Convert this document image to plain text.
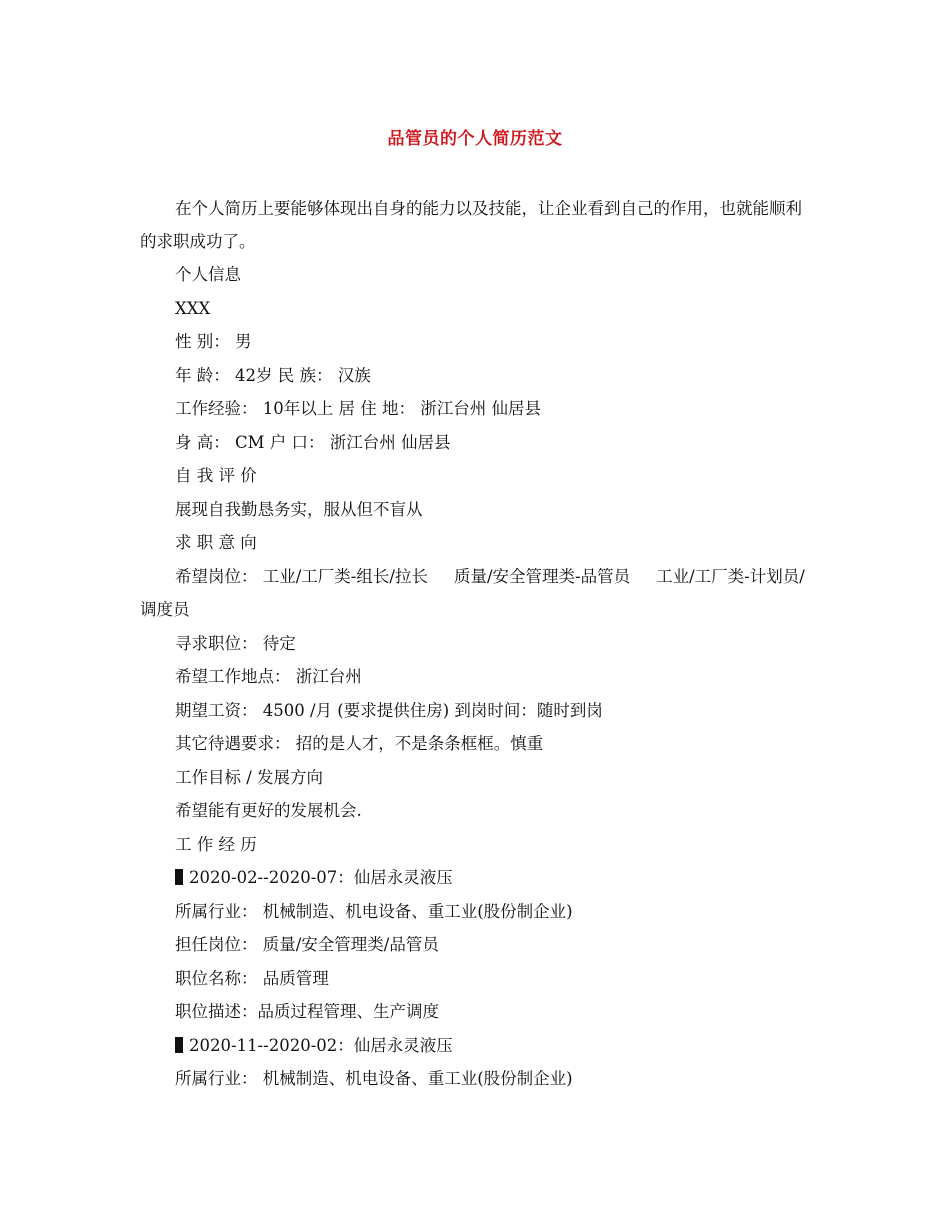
品管员的个人简历范文
在个人简历上要能够体现出自身的能力以及技能，让企业看到自己的作用，也就能顺利的求职成功了。
个人信息
XXX
性 别： 男
年 龄： 42岁 民 族： 汉族
工作经验： 10年以上 居 住 地： 浙江台州 仙居县
身 高： CM 户 口： 浙江台州 仙居县
自 我 评 价
展现自我勤恳务实，服从但不盲从
求 职 意 向
希望岗位： 工业/工厂类-组长/拉长 质量/安全管理类-品管员 工业/工厂类-计划员/调度员
寻求职位： 待定
希望工作地点： 浙江台州
期望工资： 4500 /月 (要求提供住房) 到岗时间：随时到岗
其它待遇要求： 招的是人才，不是条条框框。慎重
工作目标 / 发展方向
希望能有更好的发展机会.
工 作 经 历
2020-02--2020-07：仙居永灵液压
所属行业： 机械制造、机电设备、重工业(股份制企业)
担任岗位： 质量/安全管理类/品管员
职位名称： 品质管理
职位描述：品质过程管理、生产调度
2020-11--2020-02：仙居永灵液压
所属行业： 机械制造、机电设备、重工业(股份制企业)
